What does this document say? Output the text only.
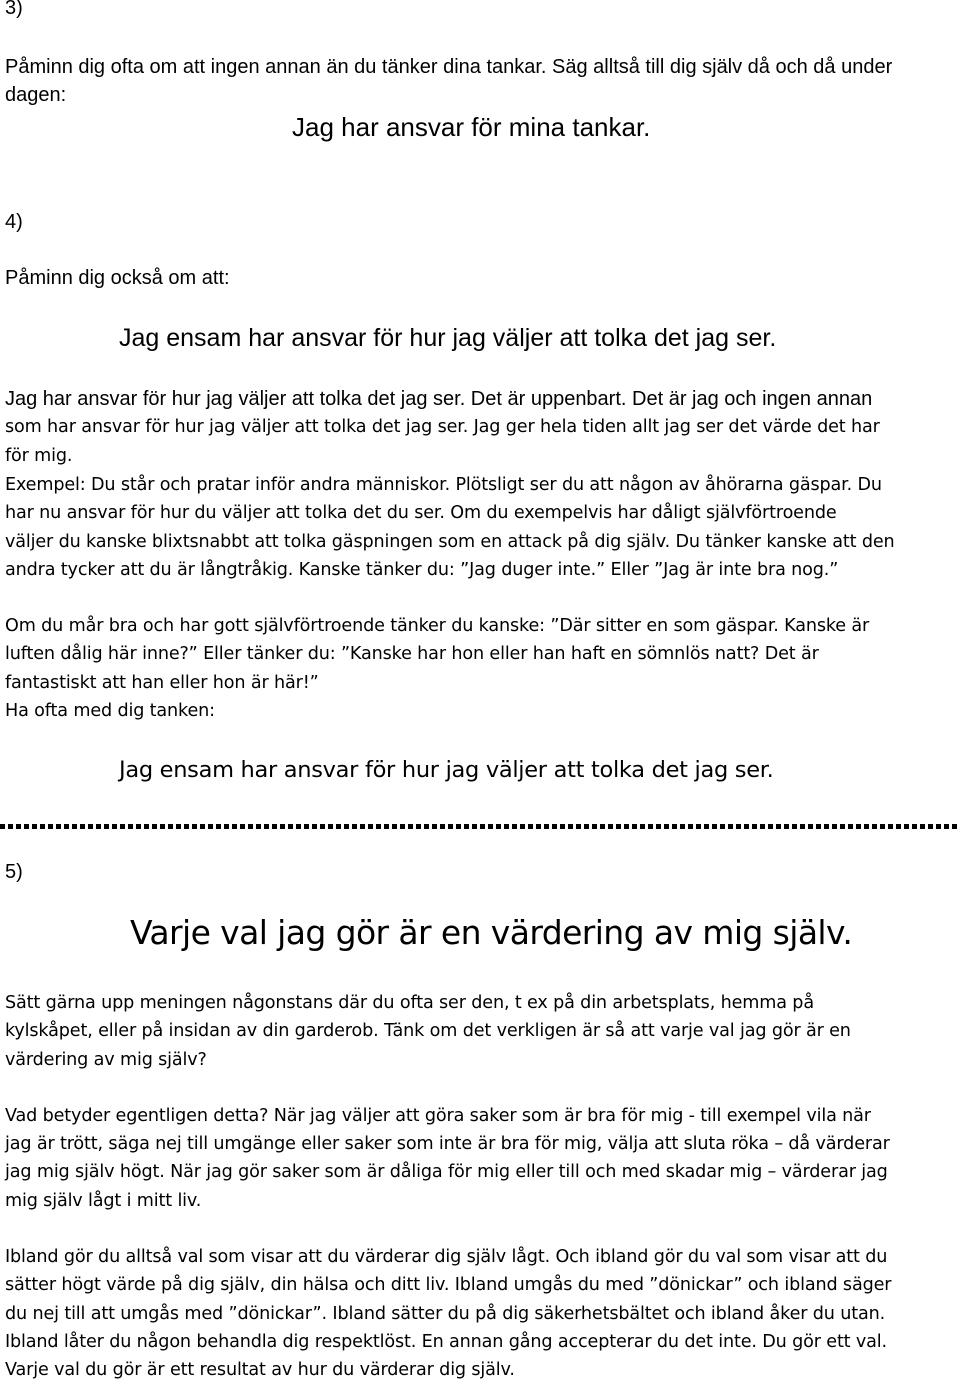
3)
Påminn dig ofta om att ingen annan än du tänker dina tankar. Säg alltså till dig själv då och då under
dagen:
Jag har ansvar för mina tankar.
4)
Påminn dig också om att:
Jag ensam har ansvar för hur jag väljer att tolka det jag ser.
Jag har ansvar för hur jag väljer att tolka det jag ser. Det är uppenbart. Det är jag och ingen annan
som har ansvar för hur jag väljer att tolka det jag ser. Jag ger hela tiden allt jag ser det värde det har
för mig.
Exempel: Du står och pratar inför andra människor. Plötsligt ser du att någon av åhörarna gäspar. Du
har nu ansvar för hur du väljer att tolka det du ser. Om du exempelvis har dåligt självförtroende
väljer du kanske blixtsnabbt att tolka gäspningen som en attack på dig själv. Du tänker kanske att den
andra tycker att du är långtråkig. Kanske tänker du: ”Jag duger inte.” Eller ”Jag är inte bra nog.”
Om du mår bra och har gott självförtroende tänker du kanske: ”Där sitter en som gäspar. Kanske är
luften dålig här inne?” Eller tänker du: ”Kanske har hon eller han haft en sömnlös natt? Det är
fantastiskt att han eller hon är här!”
Ha ofta med dig tanken:
Jag ensam har ansvar för hur jag väljer att tolka det jag ser.
5)
Varje val jag gör är en värdering av mig själv.
Sätt gärna upp meningen någonstans där du ofta ser den, t ex på din arbetsplats, hemma på
kylskåpet, eller på insidan av din garderob. Tänk om det verkligen är så att varje val jag gör är en
värdering av mig själv?
Vad betyder egentligen detta? När jag väljer att göra saker som är bra för mig - till exempel vila när
jag är trött, säga nej till umgänge eller saker som inte är bra för mig, välja att sluta röka – då värderar
jag mig själv högt. När jag gör saker som är dåliga för mig eller till och med skadar mig – värderar jag
mig själv lågt i mitt liv.
Ibland gör du alltså val som visar att du värderar dig själv lågt. Och ibland gör du val som visar att du
sätter högt värde på dig själv, din hälsa och ditt liv. Ibland umgås du med ”dönickar” och ibland säger
du nej till att umgås med ”dönickar”. Ibland sätter du på dig säkerhetsbältet och ibland åker du utan.
Ibland låter du någon behandla dig respektlöst. En annan gång accepterar du det inte. Du gör ett val.
Varje val du gör är ett resultat av hur du värderar dig själv.
